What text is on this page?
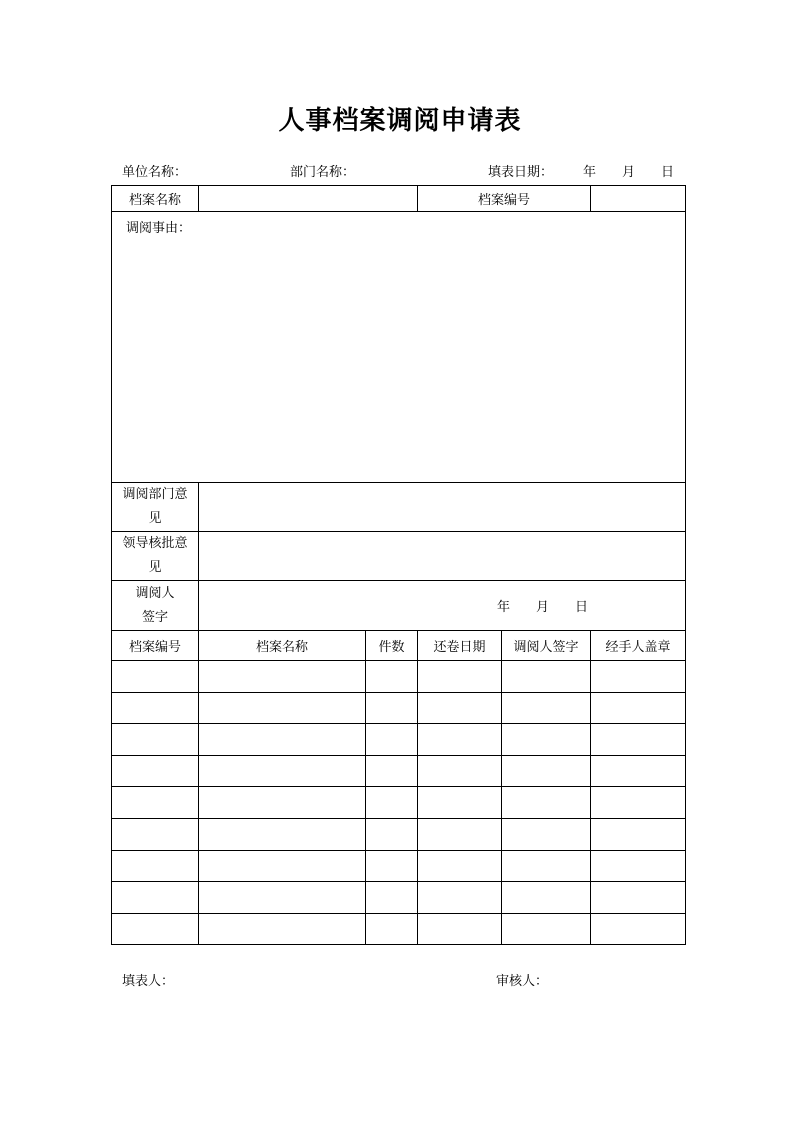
人事档案调阅申请表
单位名称：	部门名称：	填表日期： 年 月 日
档案名称			档案编号		

调阅事由：					

调阅部门意见					
领导核批意见					

调阅人
签字	年 月 日				
档案编号	档案名称	件数	还卷日期	调阅人签字	经手人盖章

填表人：	审核人：
